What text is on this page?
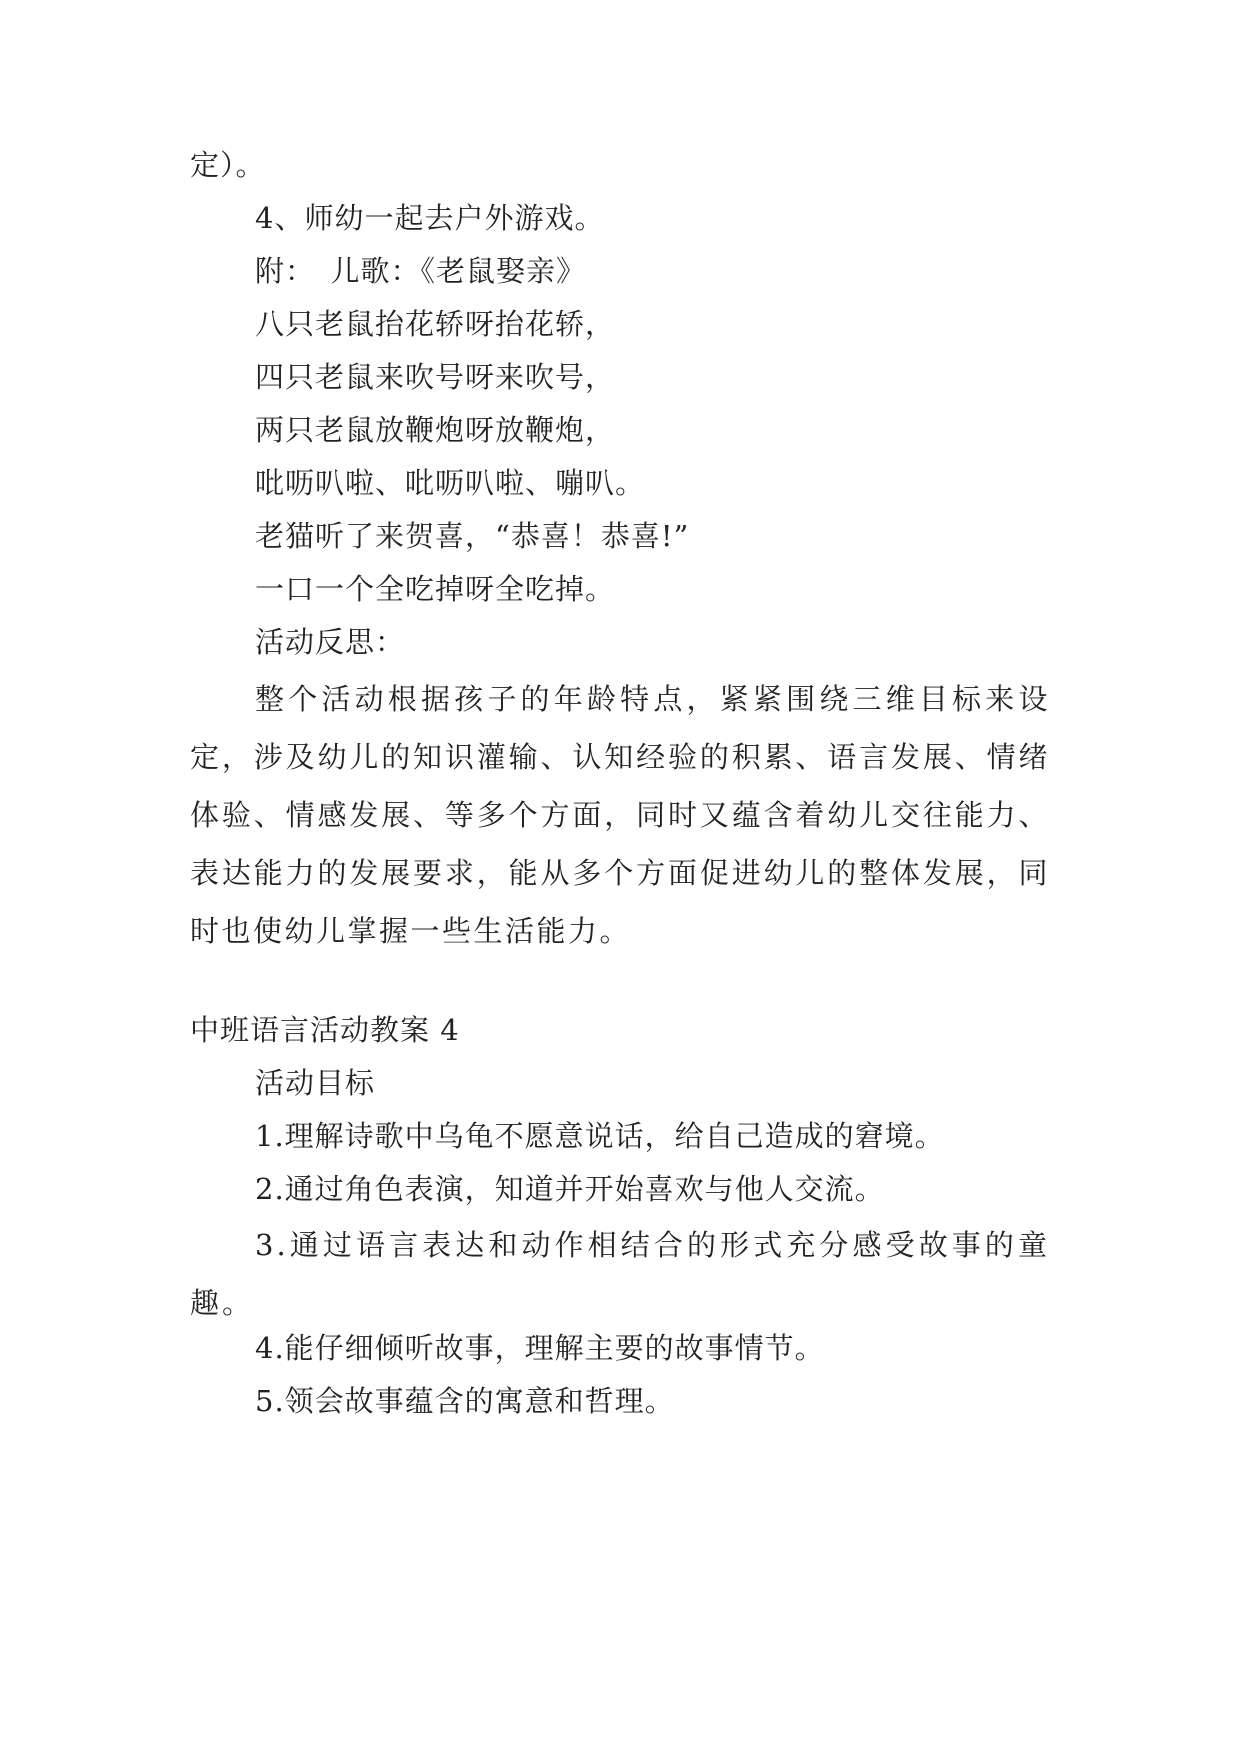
定）。
4、师幼一起去户外游戏。
附：　儿歌：《老鼠娶亲》
八只老鼠抬花轿呀抬花轿，
四只老鼠来吹号呀来吹号，
两只老鼠放鞭炮呀放鞭炮，
吡呖叭啦、吡呖叭啦、嘣叭。
老猫听了来贺喜，“恭喜！恭喜!”
一口一个全吃掉呀全吃掉。
活动反思：
整个活动根据孩子的年龄特点，紧紧围绕三维目标来设定，涉及幼儿的知识灌输、认知经验的积累、语言发展、情绪体验、情感发展、等多个方面，同时又蕴含着幼儿交往能力、表达能力的发展要求，能从多个方面促进幼儿的整体发展，同时也使幼儿掌握一些生活能力。
中班语言活动教案 4
活动目标
1.理解诗歌中乌龟不愿意说话，给自己造成的窘境。
2.通过角色表演，知道并开始喜欢与他人交流。
3.通过语言表达和动作相结合的形式充分感受故事的童趣。
4.能仔细倾听故事，理解主要的故事情节。
5.领会故事蕴含的寓意和哲理。
